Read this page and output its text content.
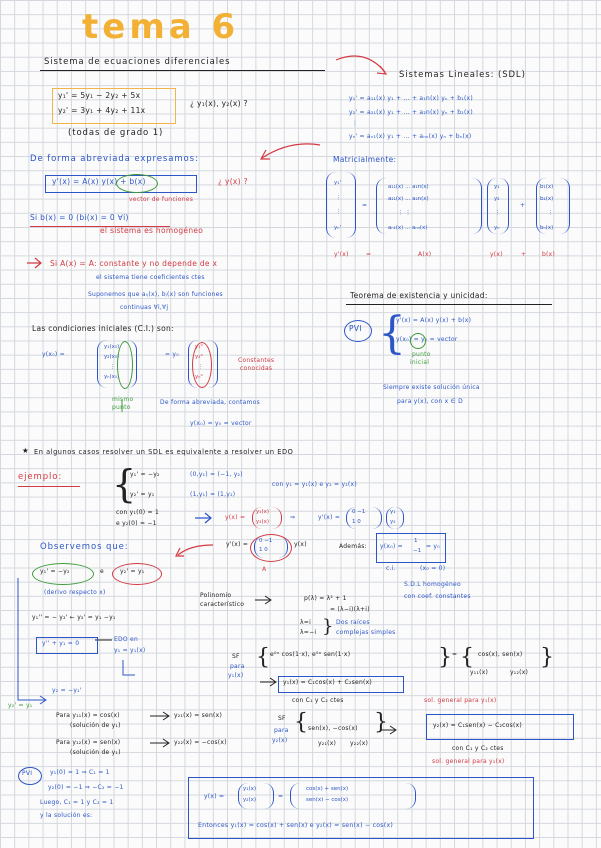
tema 6
Sistema de ecuaciones diferenciales
Sistemas Lineales: (SDL)
y₁' = a₁₁(x) y₁ + ... + a₁n(x) yₙ + b₁(x)
y₂' = a₂₁(x) y₁ + ... + a₂n(x) yₙ + b₂(x)
⋮
yₙ' = aₙ₁(x) y₁ + ... + aₙₙ(x) yₙ + bₙ(x)
y₁' = 5y₁ − 2y₂ + 5x
y₂' = 3y₁ + 4y₂ + 11x
¿ y₁(x), y₂(x) ?
(todas de grado 1)
De forma abreviada expresamos:
y'(x) = A(x) y(x) + b(x)	¿ y(x) ?
vector de funciones
Si b(x) = 0 (bi(x) = 0 ∀i)
el sistema es homogéneo
Matricialmente:
y₁'
⋮
⋮
yₙ'
=
a₁₁(x) ... a₁n(x)
a₂₁(x) ... a₂n(x)
⋮ ⋮
aₙ₁(x) ... aₙₙ(x)
y₁
y₂
⋮
yₙ
+
b₁(x)
b₂(x)
⋮
bₙ(x)
y'(x)	=	A(x)	y(x)	+	b(x)
Si A(x) = A: constante y no depende de x
el sistema tiene coeficientes ctes
Suponemos que aᵢⱼ(x), bⱼ(x) son funciones
continuas ∀i,∀j
Las condiciones iniciales (C.I.) son:
y(x₀) =
y₁(x₀)
y₂(x₀)
⋮
yₙ(x₀)
= y₀
y₁⁰
y₂⁰
⋮
yₙ⁰
Constantes
conocidas
mismo
punto
De forma abreviada, contamos
y(x₀) = y₀ = vector
Teorema de existencia y unicidad:
PVI {
y'(x) = A(x) y(x) + b(x)
y(x₀) = y₀ = vector
punto
inicial
Siempre existe solución única
para y(x), con x ∈ D
★ En algunos casos resolver un SDL es equivalente a resolver un EDO
ejemplo: {
y₁' = −y₂
y₂' = y₁
(0,y₁) = (−1, y₂)
(1,y₁) = (1,y₂)
con y₁ = y₁(x) e y₂ = y₂(x)
con y₁(0) = 1
e y₂(0) = −1
y(x) =
y₁(x)
y₂(x)
⇒	y'(x) =
0 −1
1 0
y₁
y₂
Observemos que:
y₁' = −y₂	e	y₂' = y₁
(derivo respecto x)
y'(x) = 0 −1
1 0
y(x)
A
Además: y(x₀) =
1
−1
= y₀
c.i.	(x₀ = 0)
S.D.L homogéneo
con coef. constantes
y₁'' = − y₂' ← y₂' = y₁ −y₁
y'' + y₁ = 0
EDO en
y₁ = y₁(x)
y₂ = −y₁'
y₂' = y₁
Polinomio
característico
p(λ) = λ² + 1
= (λ−i)(λ+i)
λ=i
λ=−i } Dos raíces
complejas simples
SF
para
y₁(x)
{ e⁰ˣ cos(1·x), e⁰ˣ sen(1·x)	} = { cos(x), sen(x) }
y₁₁(x)	y₁₂(x)
y₁(x) = C₁cos(x) + C₂sen(x)
con C₁ y C₂ ctes	sol. general para y₁(x)
Para y₁₁(x) = cos(x)
(solución de y₁)
y₂₁(x) = sen(x)
Para y₁₂(x) = sen(x)
(solución de y₁)
y₂₂(x) = −cos(x)
SF
para
y₂(x)
{ sen(x), −cos(x) }
y₂₁(x) y₂₂(x)
y₂(x) = C₁sen(x) − C₂cos(x)
con C₁ y C₂ ctes
sol. general para y₂(x)
PVI	y₁(0) = 1 ⇒ C₁ = 1
y₂(0) = −1 ⇒ −C₂ = −1
Luego, C₁ = 1 y C₂ = 1
y la solución es:
y(x) =
y₁(x)
y₂(x)	=
cos(x) + sen(x)
sen(x) − cos(x)
Entonces y₁(x) = cos(x) + sen(x) e y₂(x) = sen(x) − cos(x)
